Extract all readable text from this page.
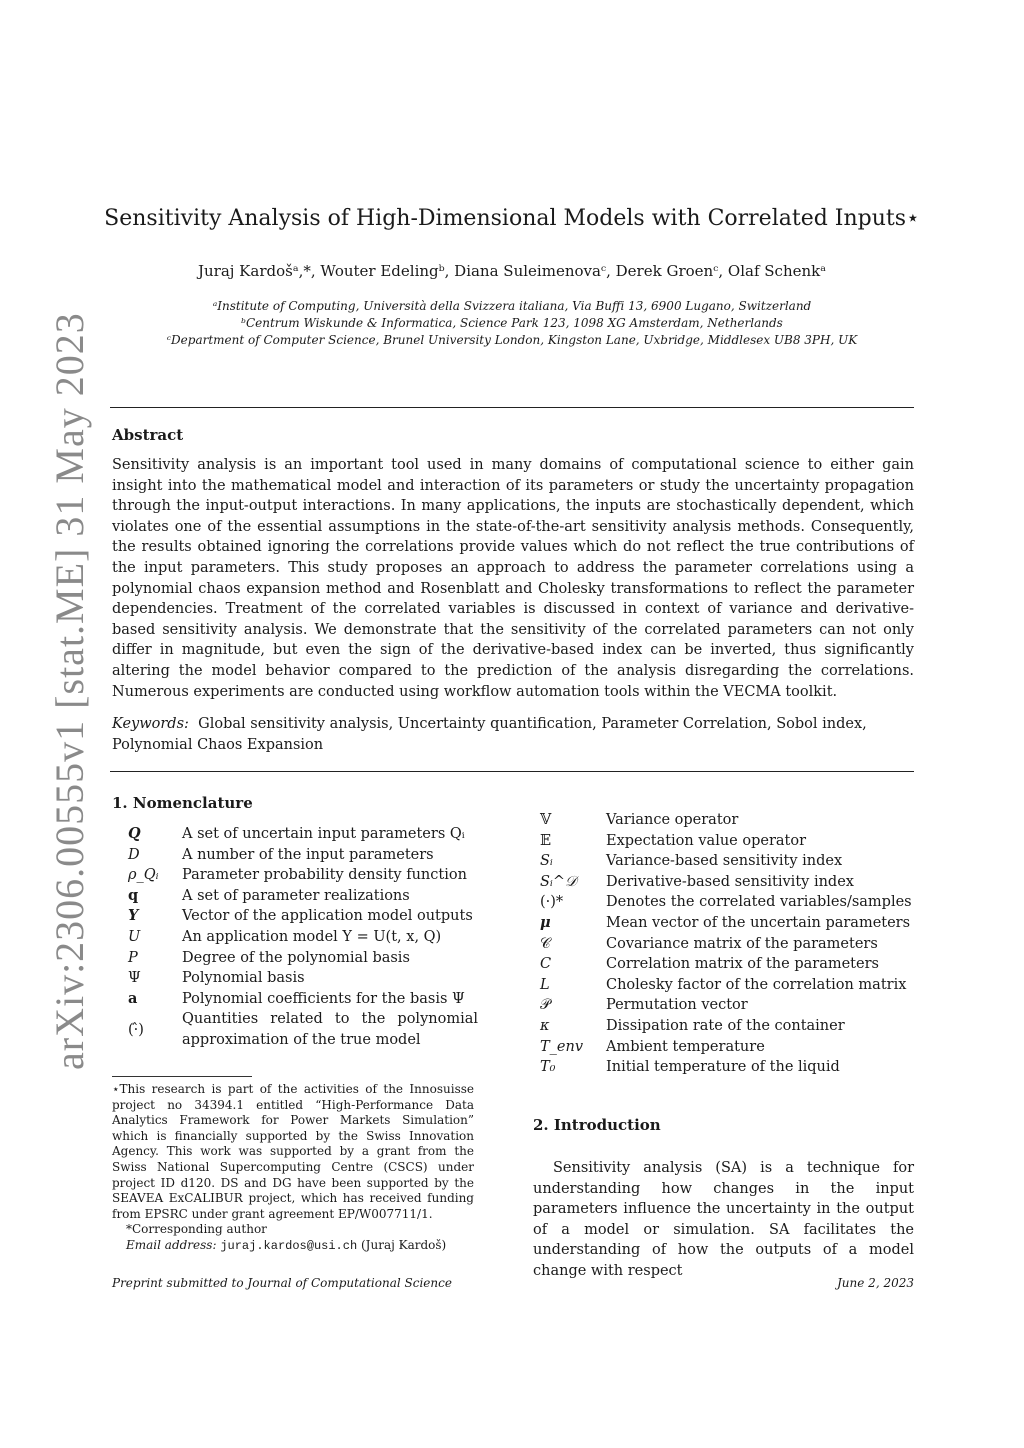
arXiv:2306.00555v1 [stat.ME] 31 May 2023
Sensitivity Analysis of High-Dimensional Models with Correlated Inputs⋆
Juraj Kardošᵃ,*, Wouter Edelingᵇ, Diana Suleimenovaᶜ, Derek Groenᶜ, Olaf Schenkᵃ
ᵃInstitute of Computing, Università della Svizzera italiana, Via Buffi 13, 6900 Lugano, Switzerland
ᵇCentrum Wiskunde & Informatica, Science Park 123, 1098 XG Amsterdam, Netherlands
ᶜDepartment of Computer Science, Brunel University London, Kingston Lane, Uxbridge, Middlesex UB8 3PH, UK
Abstract
Sensitivity analysis is an important tool used in many domains of computational science to either gain insight into the mathematical model and interaction of its parameters or study the uncertainty propagation through the input-output interactions. In many applications, the inputs are stochastically dependent, which violates one of the essential assumptions in the state-of-the-art sensitivity analysis methods. Consequently, the results obtained ignoring the correlations provide values which do not reflect the true contributions of the input parameters. This study proposes an approach to address the parameter correlations using a polynomial chaos expansion method and Rosenblatt and Cholesky transformations to reflect the parameter dependencies. Treatment of the correlated variables is discussed in context of variance and derivative-based sensitivity analysis. We demonstrate that the sensitivity of the correlated parameters can not only differ in magnitude, but even the sign of the derivative-based index can be inverted, thus significantly altering the model behavior compared to the prediction of the analysis disregarding the correlations. Numerous experiments are conducted using workflow automation tools within the VECMA toolkit.
Keywords: Global sensitivity analysis, Uncertainty quantification, Parameter Correlation, Sobol index, Polynomial Chaos Expansion
1. Nomenclature
Q	A set of uncertain input parameters Qᵢ
D	A number of the input parameters
ρ_Qᵢ	Parameter probability density function
q	A set of parameter realizations
Y	Vector of the application model outputs
U	An application model Y = U(t, x, Q)
P	Degree of the polynomial basis
Ψ	Polynomial basis
a	Polynomial coefficients for the basis Ψ
(·̂)	Quantities related to the polynomial approximation of the true model
𝕍	Variance operator
𝔼	Expectation value operator
Sᵢ	Variance-based sensitivity index
Sᵢ^𝒟	Derivative-based sensitivity index
(·)*	Denotes the correlated variables/samples
μ	Mean vector of the uncertain parameters
𝒞	Covariance matrix of the parameters
C	Correlation matrix of the parameters
L	Cholesky factor of the correlation matrix
𝒫	Permutation vector
κ	Dissipation rate of the container
T_env	Ambient temperature
T₀	Initial temperature of the liquid
⋆This research is part of the activities of the Innosuisse project no 34394.1 entitled “High-Performance Data Analytics Framework for Power Markets Simulation” which is financially supported by the Swiss Innovation Agency. This work was supported by a grant from the Swiss National Supercomputing Centre (CSCS) under project ID d120. DS and DG have been supported by the SEAVEA ExCALIBUR project, which has received funding from EPSRC under grant agreement EP/W007711/1.
*Corresponding author
Email address: juraj.kardos@usi.ch (Juraj Kardoš)
2. Introduction
Sensitivity analysis (SA) is a technique for understanding how changes in the input parameters influence the uncertainty in the output of a model or simulation. SA facilitates the understanding of how the outputs of a model change with respect
Preprint submitted to Journal of Computational Science	June 2, 2023
